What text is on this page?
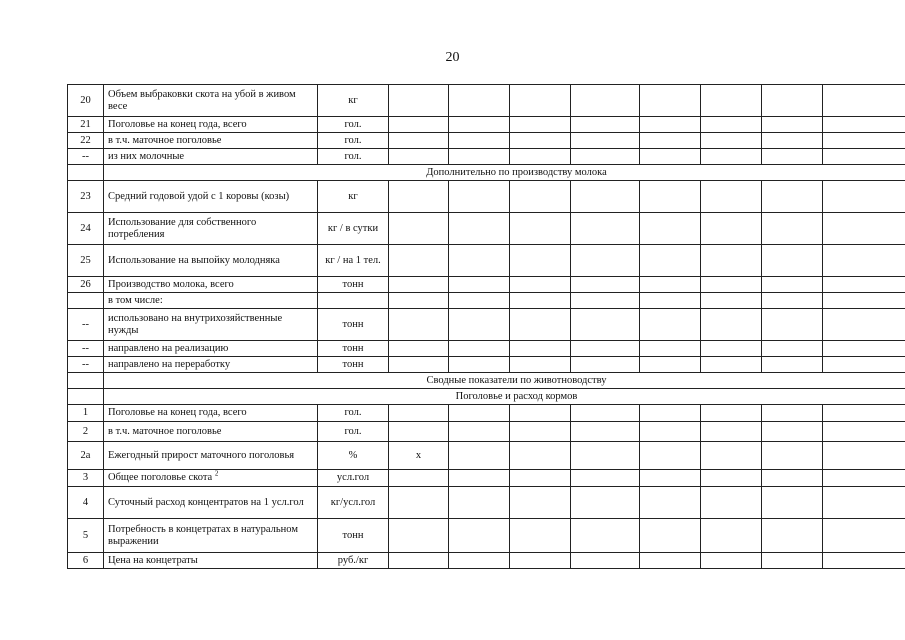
20
20	Объем выбраковки скота на убой в живом весе	кг								
21	Поголовье на конец года, всего	гол.								
22	в т.ч. маточное поголовье	гол.								
--	из них молочные	гол.								
	Дополнительно по производству молока									
23	Средний годовой удой с 1 коровы (козы)	кг								
24	Использование для собственного потребления	кг / в сутки								
25	Использование на выпойку молодняка	кг / на 1 тел.								
26	Производство молока, всего	тонн								
	в том числе:									
--	использовано на внутрихозяйственные нужды	тонн								
--	направлено на реализацию	тонн								
--	направлено на переработку	тонн								
	Сводные показатели по животноводству									
	Поголовье и расход кормов									
1	Поголовье на конец года, всего	гол.								
2	в т.ч. маточное поголовье	гол.								
2а	Ежегодный прирост маточного поголовья	%	х							
3	Общее поголовье скота $^2$	усл.гол								
4	Суточный расход концентратов на 1 усл.гол	кг/усл.гол								
5	Потребность в концетратах в натуральном выражении	тонн								
6	Цена на концетраты	руб./кг								
